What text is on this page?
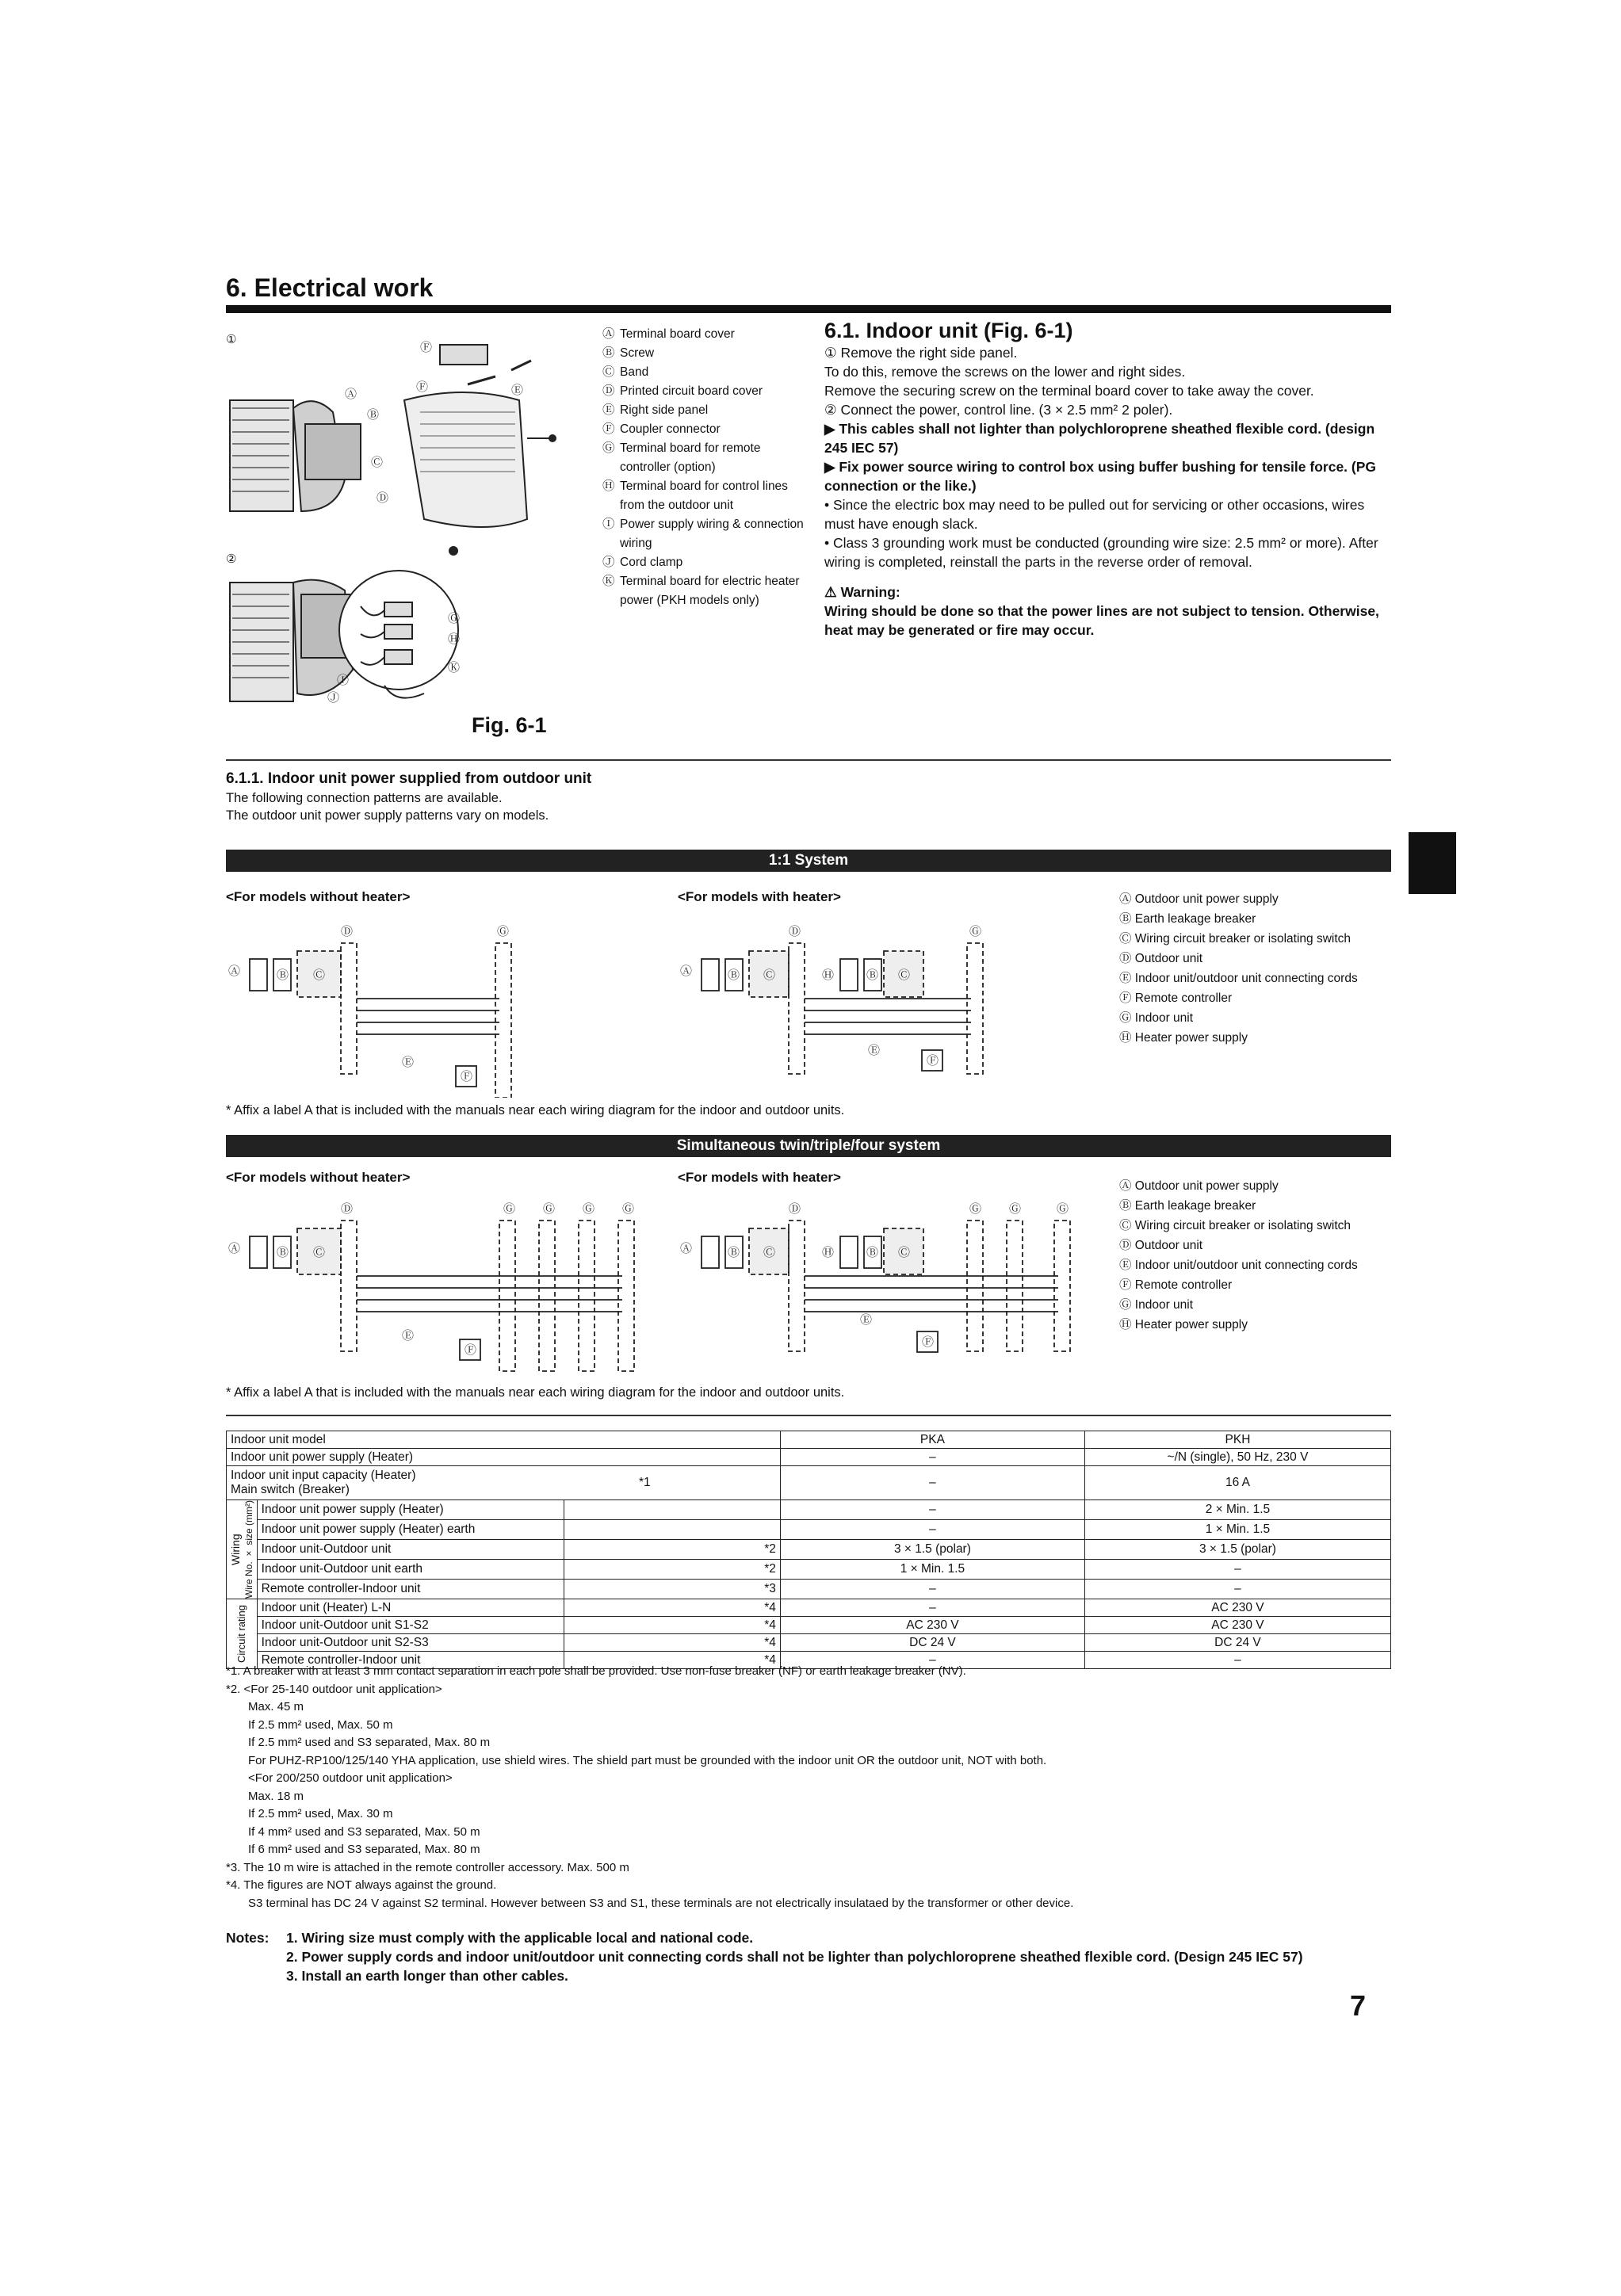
6. Electrical work
①
②
Ⓐ
Ⓑ
Ⓒ
Ⓓ
Ⓔ
Ⓕ
Ⓕ
Ⓖ
Ⓗ
Ⓚ
Ⓘ
Ⓙ
Ⓐ Terminal board cover
Ⓑ Screw
Ⓒ Band
Ⓓ Printed circuit board cover
Ⓔ Right side panel
Ⓕ Coupler connector
Ⓖ Terminal board for remote controller (option)
Ⓗ Terminal board for control lines from the outdoor unit
Ⓘ Power supply wiring & connection wiring
Ⓙ Cord clamp
Ⓚ Terminal board for electric heater power (PKH models only)
6.1. Indoor unit (Fig. 6-1)

① Remove the right side panel.

To do this, remove the screws on the lower and right sides.

Remove the securing screw on the terminal board cover to take away the cover.

② Connect the power, control line. (3 × 2.5 mm² 2 poler).

▶ This cables shall not lighter than polychloroprene sheathed flexible cord. (design 245 IEC 57)

▶ Fix power source wiring to control box using buffer bushing for tensile force. (PG connection or the like.)

• Since the electric box may need to be pulled out for servicing or other occasions, wires must have enough slack.

• Class 3 grounding work must be conducted (grounding wire size: 2.5 mm² or more). After wiring is completed, reinstall the parts in the reverse order of removal.

⚠ Warning:

Wiring should be done so that the power lines are not subject to tension. Otherwise, heat may be generated or fire may occur.

Fig. 6-1
6.1.1. Indoor unit power supplied from outdoor unit
The following connection patterns are available.
The outdoor unit power supply patterns vary on models.
1:1 System
<For models without heater>	<For models with heater>
Ⓓ	Ⓖ
Ⓐ	Ⓑ Ⓒ
Ⓔ
Ⓕ
Ⓓ	Ⓖ
Ⓐ	Ⓑ Ⓒ	Ⓗ	Ⓑ Ⓒ
Ⓔ
Ⓕ
Ⓐ Outdoor unit power supply
Ⓑ Earth leakage breaker
Ⓒ Wiring circuit breaker or isolating switch
Ⓓ Outdoor unit
Ⓔ Indoor unit/outdoor unit connecting cords
Ⓕ Remote controller
Ⓖ Indoor unit
Ⓗ Heater power supply
* Affix a label A that is included with the manuals near each wiring diagram for the indoor and outdoor units.
Simultaneous twin/triple/four system
<For models without heater>	<For models with heater>
Ⓓ	Ⓖ Ⓖ Ⓖ Ⓖ
Ⓐ	Ⓑ Ⓒ
Ⓔ
Ⓕ
Ⓓ	Ⓖ Ⓖ	Ⓖ
Ⓐ	Ⓑ Ⓒ	Ⓗ	Ⓑ Ⓒ
Ⓔ
Ⓕ
Ⓐ Outdoor unit power supply
Ⓑ Earth leakage breaker
Ⓒ Wiring circuit breaker or isolating switch
Ⓓ Outdoor unit
Ⓔ Indoor unit/outdoor unit connecting cords
Ⓕ Remote controller
Ⓖ Indoor unit
Ⓗ Heater power supply
* Affix a label A that is included with the manuals near each wiring diagram for the indoor and outdoor units.
Indoor unit model			PKA	PKH
Indoor unit power supply (Heater)			–	~/N (single), 50 Hz, 230 V

Indoor unit input capacity (Heater)
Main switch (Breaker)
*1			–	16 A

Wiring Wire No. × size (mm²)	Indoor unit power supply (Heater)		–	2 × Min. 1.5
	Indoor unit power supply (Heater) earth		–	1 × Min. 1.5
	Indoor unit-Outdoor unit	*2	3 × 1.5 (polar)	3 × 1.5 (polar)
	Indoor unit-Outdoor unit earth	*2	1 × Min. 1.5	–
	Remote controller-Indoor unit	*3	–	–

Circuit rating	Indoor unit (Heater) L-N	*4	–	AC 230 V
	Indoor unit-Outdoor unit S1-S2	*4	AC 230 V	AC 230 V
	Indoor unit-Outdoor unit S2-S3	*4	DC 24 V	DC 24 V
	Remote controller-Indoor unit	*4	–	–
*1. A breaker with at least 3 mm contact separation in each pole shall be provided. Use non-fuse breaker (NF) or earth leakage breaker (NV).
*2. <For 25-140 outdoor unit application>
Max. 45 m
If 2.5 mm² used, Max. 50 m
If 2.5 mm² used and S3 separated, Max. 80 m
For PUHZ-RP100/125/140 YHA application, use shield wires. The shield part must be grounded with the indoor unit OR the outdoor unit, NOT with both.
<For 200/250 outdoor unit application>
Max. 18 m
If 2.5 mm² used, Max. 30 m
If 4 mm² used and S3 separated, Max. 50 m
If 6 mm² used and S3 separated, Max. 80 m
*3. The 10 m wire is attached in the remote controller accessory. Max. 500 m
*4. The figures are NOT always against the ground.
S3 terminal has DC 24 V against S2 terminal. However between S3 and S1, these terminals are not electrically insulataed by the transformer or other device.
Notes:	1. Wiring size must comply with the applicable local and national code.
2. Power supply cords and indoor unit/outdoor unit connecting cords shall not be lighter than polychloroprene sheathed flexible cord. (Design 245 IEC 57)
3. Install an earth longer than other cables.
7
